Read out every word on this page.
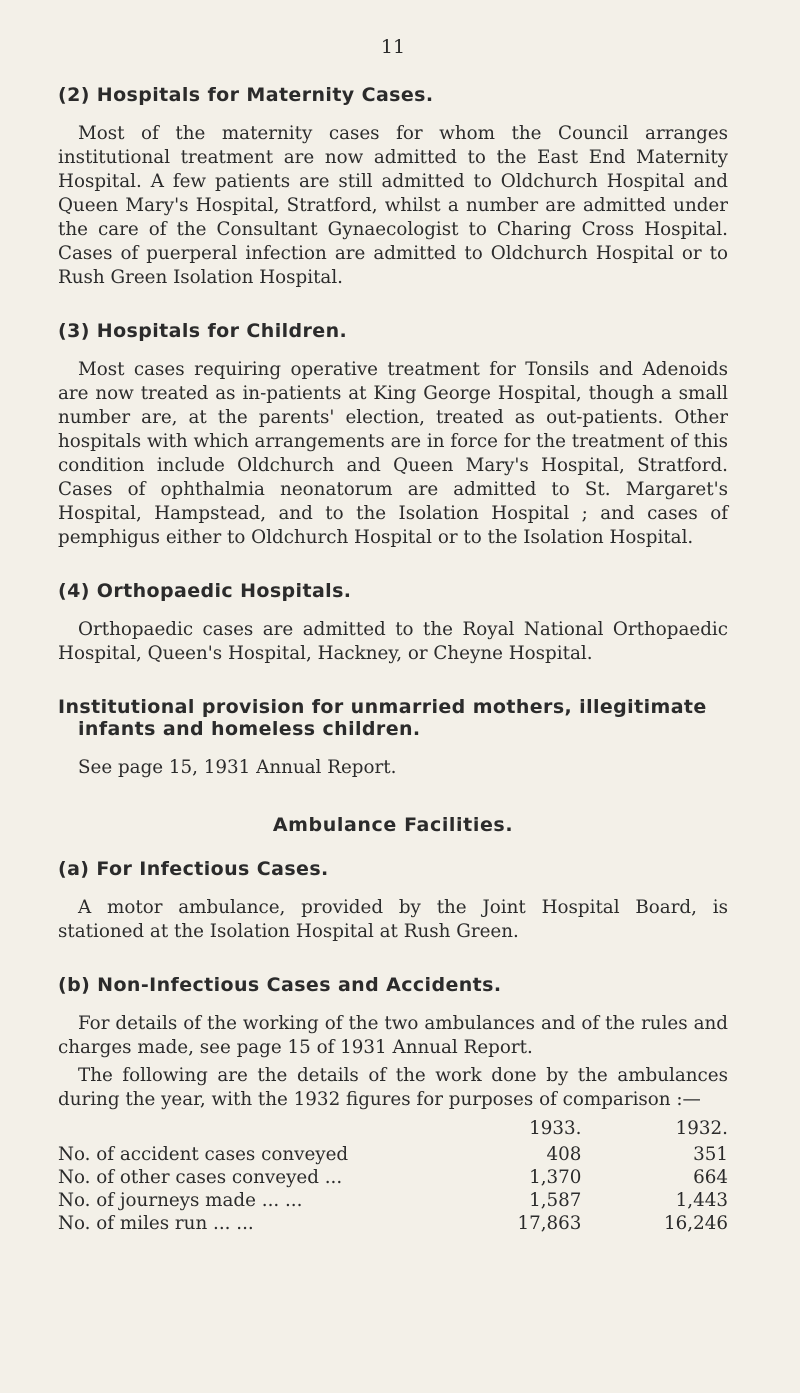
11
(2) Hospitals for Maternity Cases.

Most of the maternity cases for whom the Council arranges institutional treatment are now admitted to the East End Maternity Hospital. A few patients are still admitted to Oldchurch Hospital and Queen Mary's Hospital, Stratford, whilst a number are admitted under the care of the Consultant Gynaecologist to Charing Cross Hospital. Cases of puerperal infection are admitted to Oldchurch Hospital or to Rush Green Isolation Hospital.

(3) Hospitals for Children.

Most cases requiring operative treatment for Tonsils and Adenoids are now treated as in-patients at King George Hospital, though a small number are, at the parents' election, treated as out-patients. Other hospitals with which arrangements are in force for the treatment of this condition include Oldchurch and Queen Mary's Hospital, Stratford. Cases of ophthalmia neonatorum are admitted to St. Margaret's Hospital, Hampstead, and to the Isolation Hospital ; and cases of pemphigus either to Oldchurch Hospital or to the Isolation Hospital.

(4) Orthopaedic Hospitals.

Orthopaedic cases are admitted to the Royal National Orthopaedic Hospital, Queen's Hospital, Hackney, or Cheyne Hospital.

Institutional provision for unmarried mothers, illegitimate infants and homeless children.

See page 15, 1931 Annual Report.

Ambulance Facilities.
(a) For Infectious Cases.

A motor ambulance, provided by the Joint Hospital Board, is stationed at the Isolation Hospital at Rush Green.

(b) Non-Infectious Cases and Accidents.

For details of the working of the two ambulances and of the rules and charges made, see page 15 of 1931 Annual Report.

The following are the details of the work done by the ambulances during the year, with the 1932 figures for purposes of comparison :—

	1933.	1932.
No. of accident cases conveyed	408	351
No. of other cases conveyed ...	1,370	664
No. of journeys made ... ...	1,587	1,443
No. of miles run ... ...	17,863	16,246
